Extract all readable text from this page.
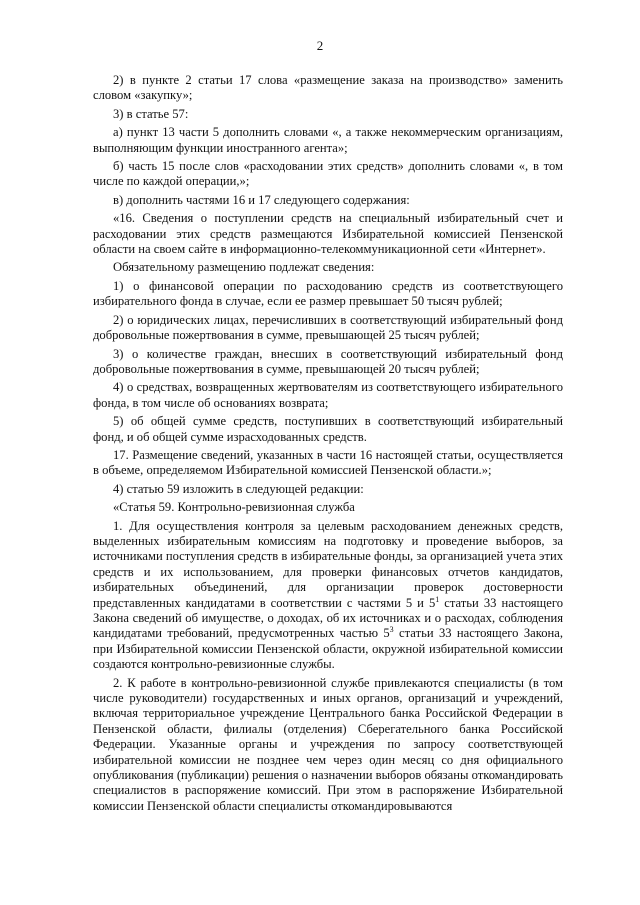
2

2) в пункте 2 статьи 17 слова «размещение заказа на производство» заменить словом «закупку»;

3) в статье 57:

а) пункт 13 части 5 дополнить словами «, а также некоммерческим организациям, выполняющим функции иностранного агента»;

б) часть 15 после слов «расходовании этих средств» дополнить словами «, в том числе по каждой операции,»;

в) дополнить частями 16 и 17 следующего содержания:

«16. Сведения о поступлении средств на специальный избирательный счет и расходовании этих средств размещаются Избирательной комиссией Пензенской области на своем сайте в информационно-телекоммуникационной сети «Интернет».

Обязательному размещению подлежат сведения:

1) о финансовой операции по расходованию средств из соответствующего избирательного фонда в случае, если ее размер превышает 50 тысяч рублей;

2) о юридических лицах, перечисливших в соответствующий избирательный фонд добровольные пожертвования в сумме, превышающей 25 тысяч рублей;

3) о количестве граждан, внесших в соответствующий избирательный фонд добровольные пожертвования в сумме, превышающей 20 тысяч рублей;

4) о средствах, возвращенных жертвователям из соответствующего избирательного фонда, в том числе об основаниях возврата;

5) об общей сумме средств, поступивших в соответствующий избирательный фонд, и об общей сумме израсходованных средств.

17. Размещение сведений, указанных в части 16 настоящей статьи, осуществляется в объеме, определяемом Избирательной комиссией Пензенской области.»;

4) статью 59 изложить в следующей редакции:

«Статья 59. Контрольно-ревизионная служба

1. Для осуществления контроля за целевым расходованием денежных средств, выделенных избирательным комиссиям на подготовку и проведение выборов, за источниками поступления средств в избирательные фонды, за организацией учета этих средств и их использованием, для проверки финансовых отчетов кандидатов, избирательных объединений, для организации проверок достоверности представленных кандидатами в соответствии с частями 5 и $5^1$ статьи 33 настоящего Закона сведений об имуществе, о доходах, об их источниках и о расходах, соблюдения кандидатами требований, предусмотренных частью $5^3$ статьи 33 настоящего Закона, при Избирательной комиссии Пензенской области, окружной избирательной комиссии создаются контрольно-ревизионные службы.

2. К работе в контрольно-ревизионной службе привлекаются специалисты (в том числе руководители) государственных и иных органов, организаций и учреждений, включая территориальное учреждение Центрального банка Российской Федерации в Пензенской области, филиалы (отделения) Сберегательного банка Российской Федерации. Указанные органы и учреждения по запросу соответствующей избирательной комиссии не позднее чем через один месяц со дня официального опубликования (публикации) решения о назначении выборов обязаны откомандировать специалистов в распоряжение комиссий. При этом в распоряжение Избирательной комиссии Пензенской области специалисты откомандировываются
